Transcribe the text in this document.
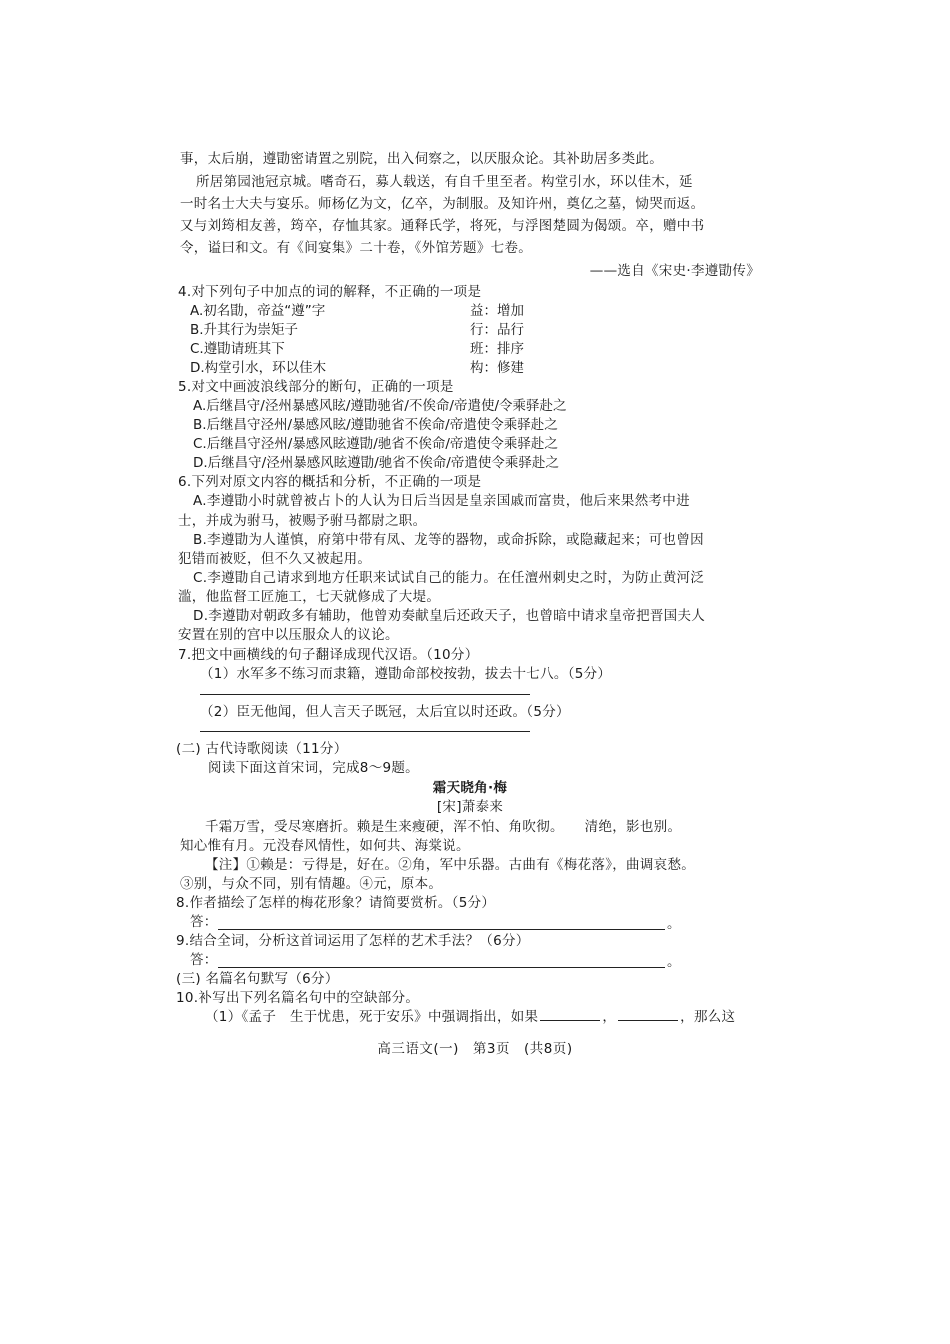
事，太后崩，遵勖密请置之别院，出入伺察之，以厌服众论。其补助居多类此。
所居第园池冠京城。嗜奇石，募人载送，有自千里至者。构堂引水，环以佳木，延
一时名士大夫与宴乐。师杨亿为文，亿卒，为制服。及知许州，奠亿之墓，恸哭而返。
又与刘筠相友善，筠卒，存恤其家。通释氏学，将死，与浮图楚圆为偈颂。卒，赠中书
令，谥曰和文。有《间宴集》二十卷，《外馆芳题》七卷。
——选自《宋史·李遵勖传》
4.对下列句子中加点的词的解释，不正确的一项是
A.初名勖，帝益“遵”字	益：增加
B.升其行为崇矩子	行：品行
C.遵勖请班其下	班：排序
D.构堂引水，环以佳木	构：修建
5.对文中画波浪线部分的断句，正确的一项是
A.后继昌守/泾州暴感风眩/遵勖驰省/不俟命/帝遣使/令乘驿赴之
B.后继昌守泾州/暴感风眩/遵勖驰省不俟命/帝遣使令乘驿赴之
C.后继昌守泾州/暴感风眩遵勖/驰省不俟命/帝遣使令乘驿赴之
D.后继昌守/泾州暴感风眩遵勖/驰省不俟命/帝遣使令乘驿赴之
6.下列对原文内容的概括和分析，不正确的一项是
A.李遵勖小时就曾被占卜的人认为日后当因是皇亲国戚而富贵，他后来果然考中进
士，并成为驸马，被赐予驸马都尉之职。
B.李遵勖为人谨慎，府第中带有凤、龙等的器物，或命拆除，或隐藏起来；可也曾因
犯错而被贬，但不久又被起用。
C.李遵勖自己请求到地方任职来试试自己的能力。在任澶州刺史之时，为防止黄河泛
滥，他监督工匠施工，七天就修成了大堤。
D.李遵勖对朝政多有辅助，他曾劝奏献皇后还政天子，也曾暗中请求皇帝把晋国夫人
安置在别的宫中以压服众人的议论。
7.把文中画横线的句子翻译成现代汉语。（10分）
（1）水军多不练习而隶籍，遵勖命部校按勃，拔去十七八。（5分）
（2）臣无他闻，但人言天子既冠，太后宜以时还政。（5分）
(二) 古代诗歌阅读（11分）
阅读下面这首宋词，完成8～9题。
霜天晓角·梅
[宋]萧泰来
千霜万雪，受尽寒磨折。赖是生来瘦硬，浑不怕、角吹彻。　　清绝，影也别。
知心惟有月。元没春风情性，如何共、海棠说。
【注】①赖是：亏得是，好在。②角，军中乐器。古曲有《梅花落》，曲调哀愁。
③别，与众不同，别有情趣。④元，原本。
8.作者描绘了怎样的梅花形象？请简要赏析。（5分）
答：	。
9.结合全词，分析这首词运用了怎样的艺术手法？（6分）
答：	。
(三) 名篇名句默写（6分）
10.补写出下列名篇名句中的空缺部分。
（1）《孟子　生于忧患，死于安乐》中强调指出，如果	，	，那么这
高三语文(一)　第3页　(共8页)
